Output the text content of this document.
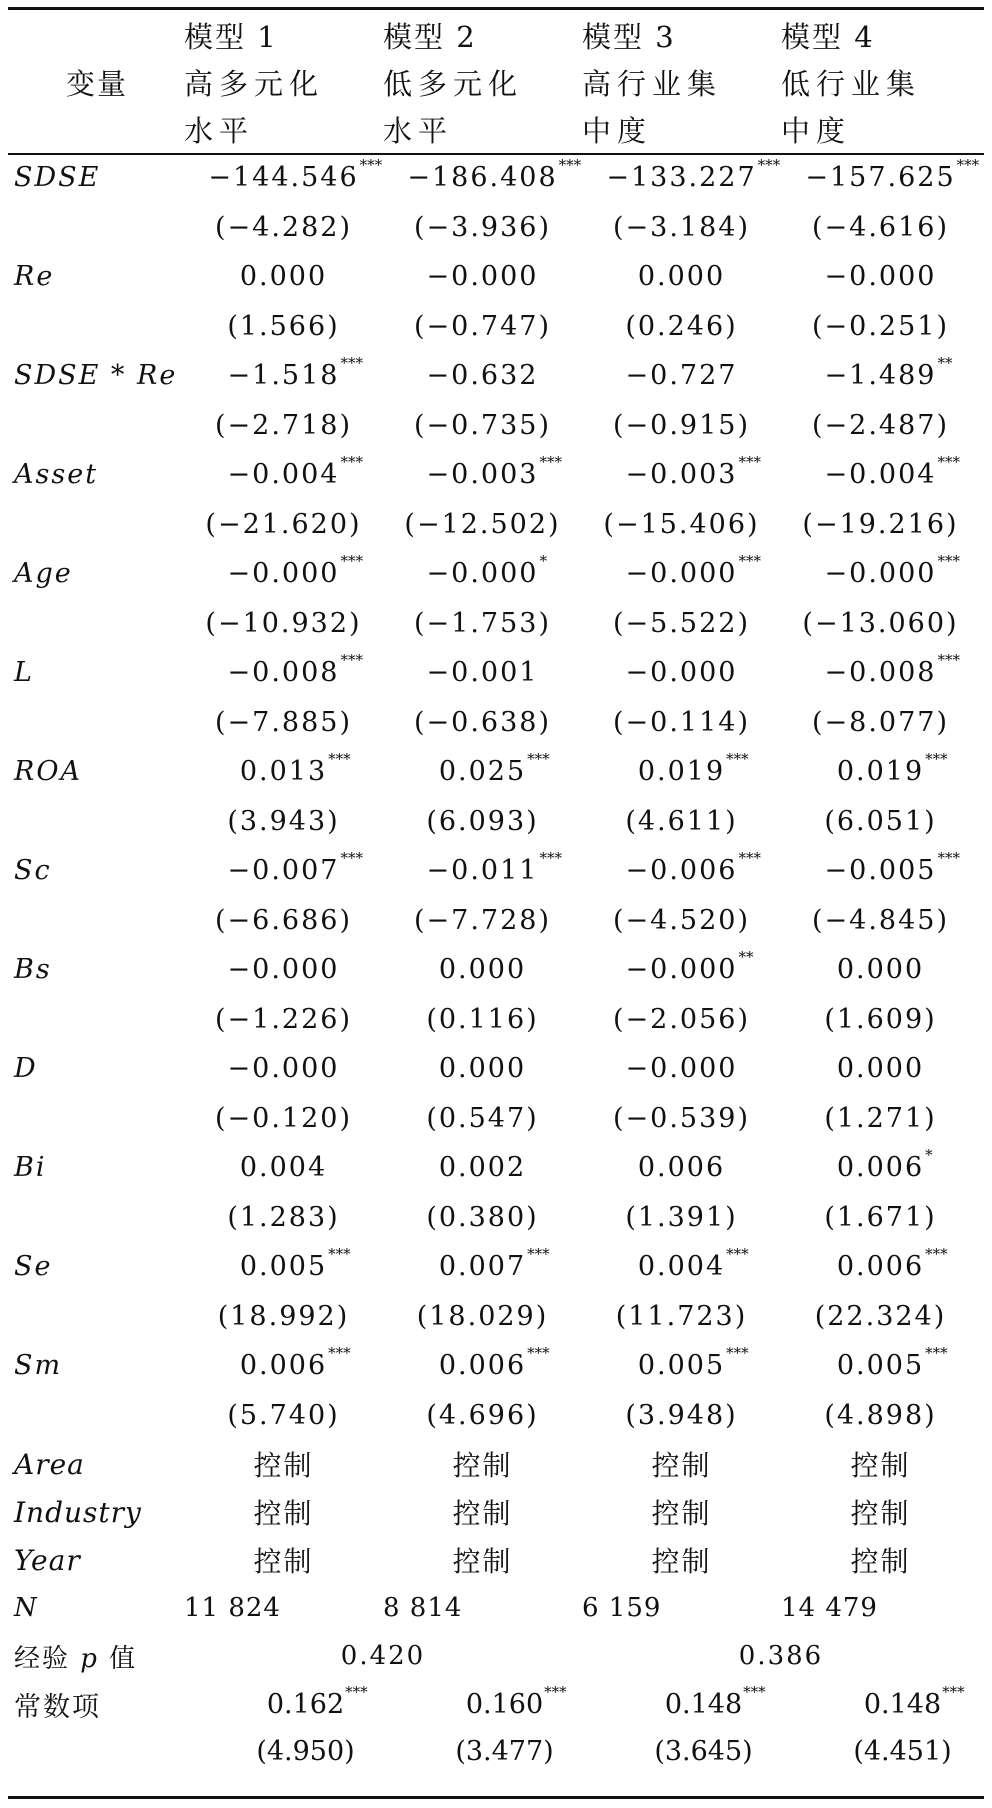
	模型 1	模型 2	模型 3	模型 4
变量	高多元化	低多元化	高行业集	低行业集
	水平	水平	中度	中度
SDSE	−144.546 ***	−186.408 ***	−133.227 ***	−157.625 ***

	(−4.282)	(−3.936)	(−3.184)	(−4.616)
Re	0.000	−0.000	0.000	−0.000
	(1.566)	(−0.747)	(0.246)	(−0.251)
SDSE * Re	−1.518 ***	−0.632	−0.727	−1.489 **

	(−2.718)	(−0.735)	(−0.915)	(−2.487)
Asset	−0.004 ***	−0.003 ***	−0.003 ***	−0.004 ***

	(−21.620)	(−12.502)	(−15.406)	(−19.216)
Age	−0.000 ***	−0.000 *	−0.000 ***	−0.000 ***

	(−10.932)	(−1.753)	(−5.522)	(−13.060)
L	−0.008 ***	−0.001	−0.000	−0.008 ***

	(−7.885)	(−0.638)	(−0.114)	(−8.077)
ROA	0.013 ***	0.025 ***	0.019 ***	0.019 ***

	(3.943)	(6.093)	(4.611)	(6.051)
Sc	−0.007 ***	−0.011 ***	−0.006 ***	−0.005 ***

	(−6.686)	(−7.728)	(−4.520)	(−4.845)
Bs	−0.000	0.000	−0.000 **	0.000
	(−1.226)	(0.116)	(−2.056)	(1.609)
D	−0.000	0.000	−0.000	0.000
	(−0.120)	(0.547)	(−0.539)	(1.271)
Bi	0.004	0.002	0.006	0.006 *

	(1.283)	(0.380)	(1.391)	(1.671)
Se	0.005 ***	0.007 ***	0.004 ***	0.006 ***

	(18.992)	(18.029)	(11.723)	(22.324)
Sm	0.006 ***	0.006 ***	0.005 ***	0.005 ***

	(5.740)	(4.696)	(3.948)	(4.898)
Area	控制	控制	控制	控制
Industry	控制	控制	控制	控制
Year	控制	控制	控制	控制
N	11 824	8 814	6 159	14 479
经验 p 值	0.420		0.386	
常数项	0.162 ***	0.160 ***	0.148 ***	0.148 ***

	(4.950)	(3.477)	(3.645)	(4.451)
